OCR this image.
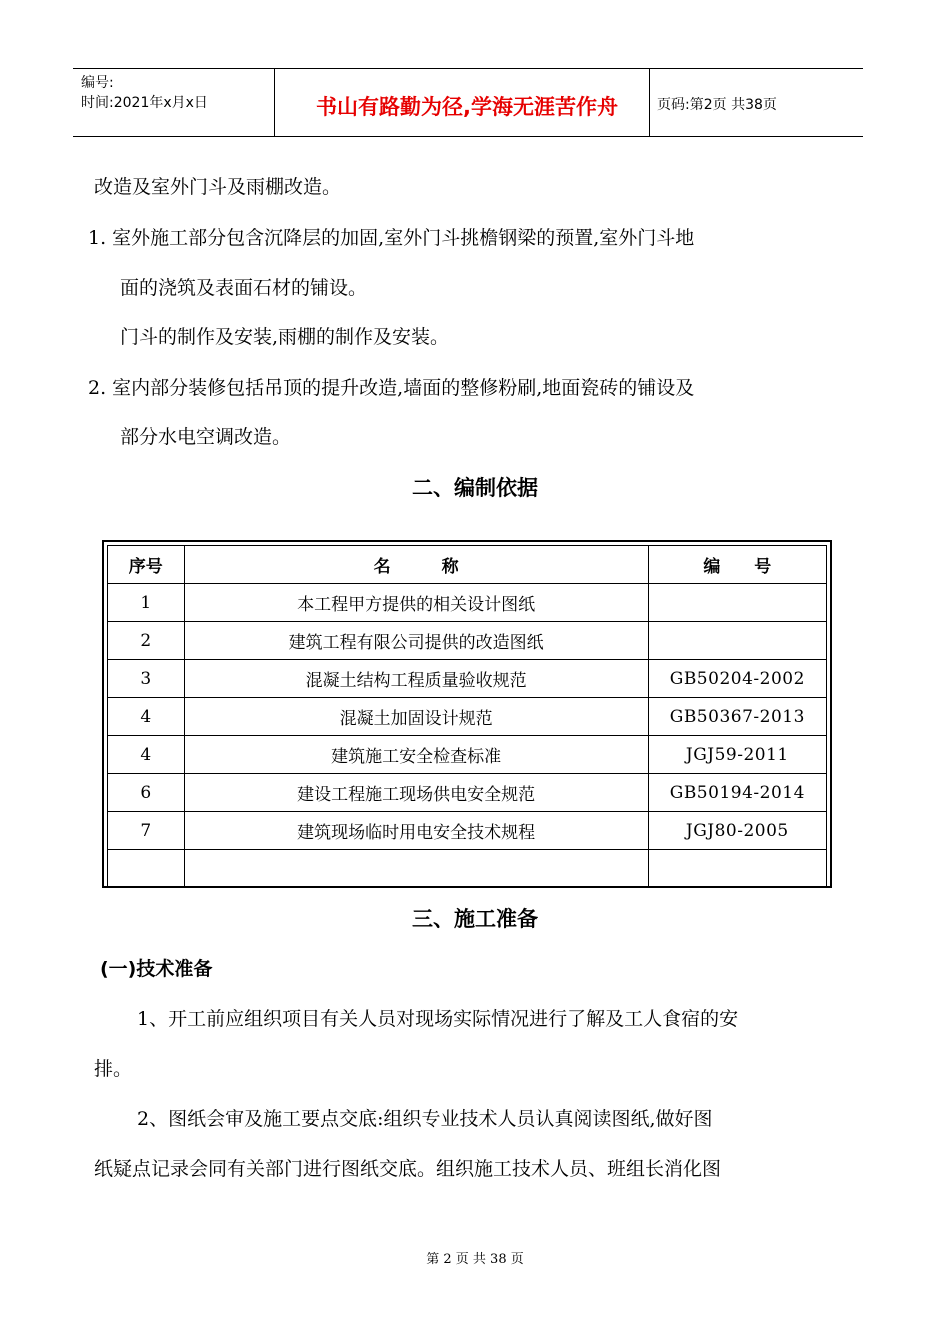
编号:
时间:2021年x月x日	书山有路勤为径,学海无涯苦作舟	页码:第2页 共38页
改造及室外门斗及雨棚改造。
1. 室外施工部分包含沉降层的加固,室外门斗挑檐钢梁的预置,室外门斗地
面的浇筑及表面石材的铺设。
门斗的制作及安装,雨棚的制作及安装。
2. 室内部分装修包括吊顶的提升改造,墙面的整修粉刷,地面瓷砖的铺设及
部分水电空调改造。
二、编制依据
序号	名　　　称	编　　号
1	本工程甲方提供的相关设计图纸	
2	建筑工程有限公司提供的改造图纸	
3	混凝土结构工程质量验收规范	GB50204-2002
4	混凝土加固设计规范	GB50367-2013
4	建筑施工安全检查标准	JGJ59-2011
6	建设工程施工现场供电安全规范	GB50194-2014
7	建筑现场临时用电安全技术规程	JGJ80-2005

三、施工准备
(一)技术准备
1、开工前应组织项目有关人员对现场实际情况进行了解及工人食宿的安
排。
2、图纸会审及施工要点交底:组织专业技术人员认真阅读图纸,做好图
纸疑点记录会同有关部门进行图纸交底。组织施工技术人员、班组长消化图
第 2 页 共 38 页
